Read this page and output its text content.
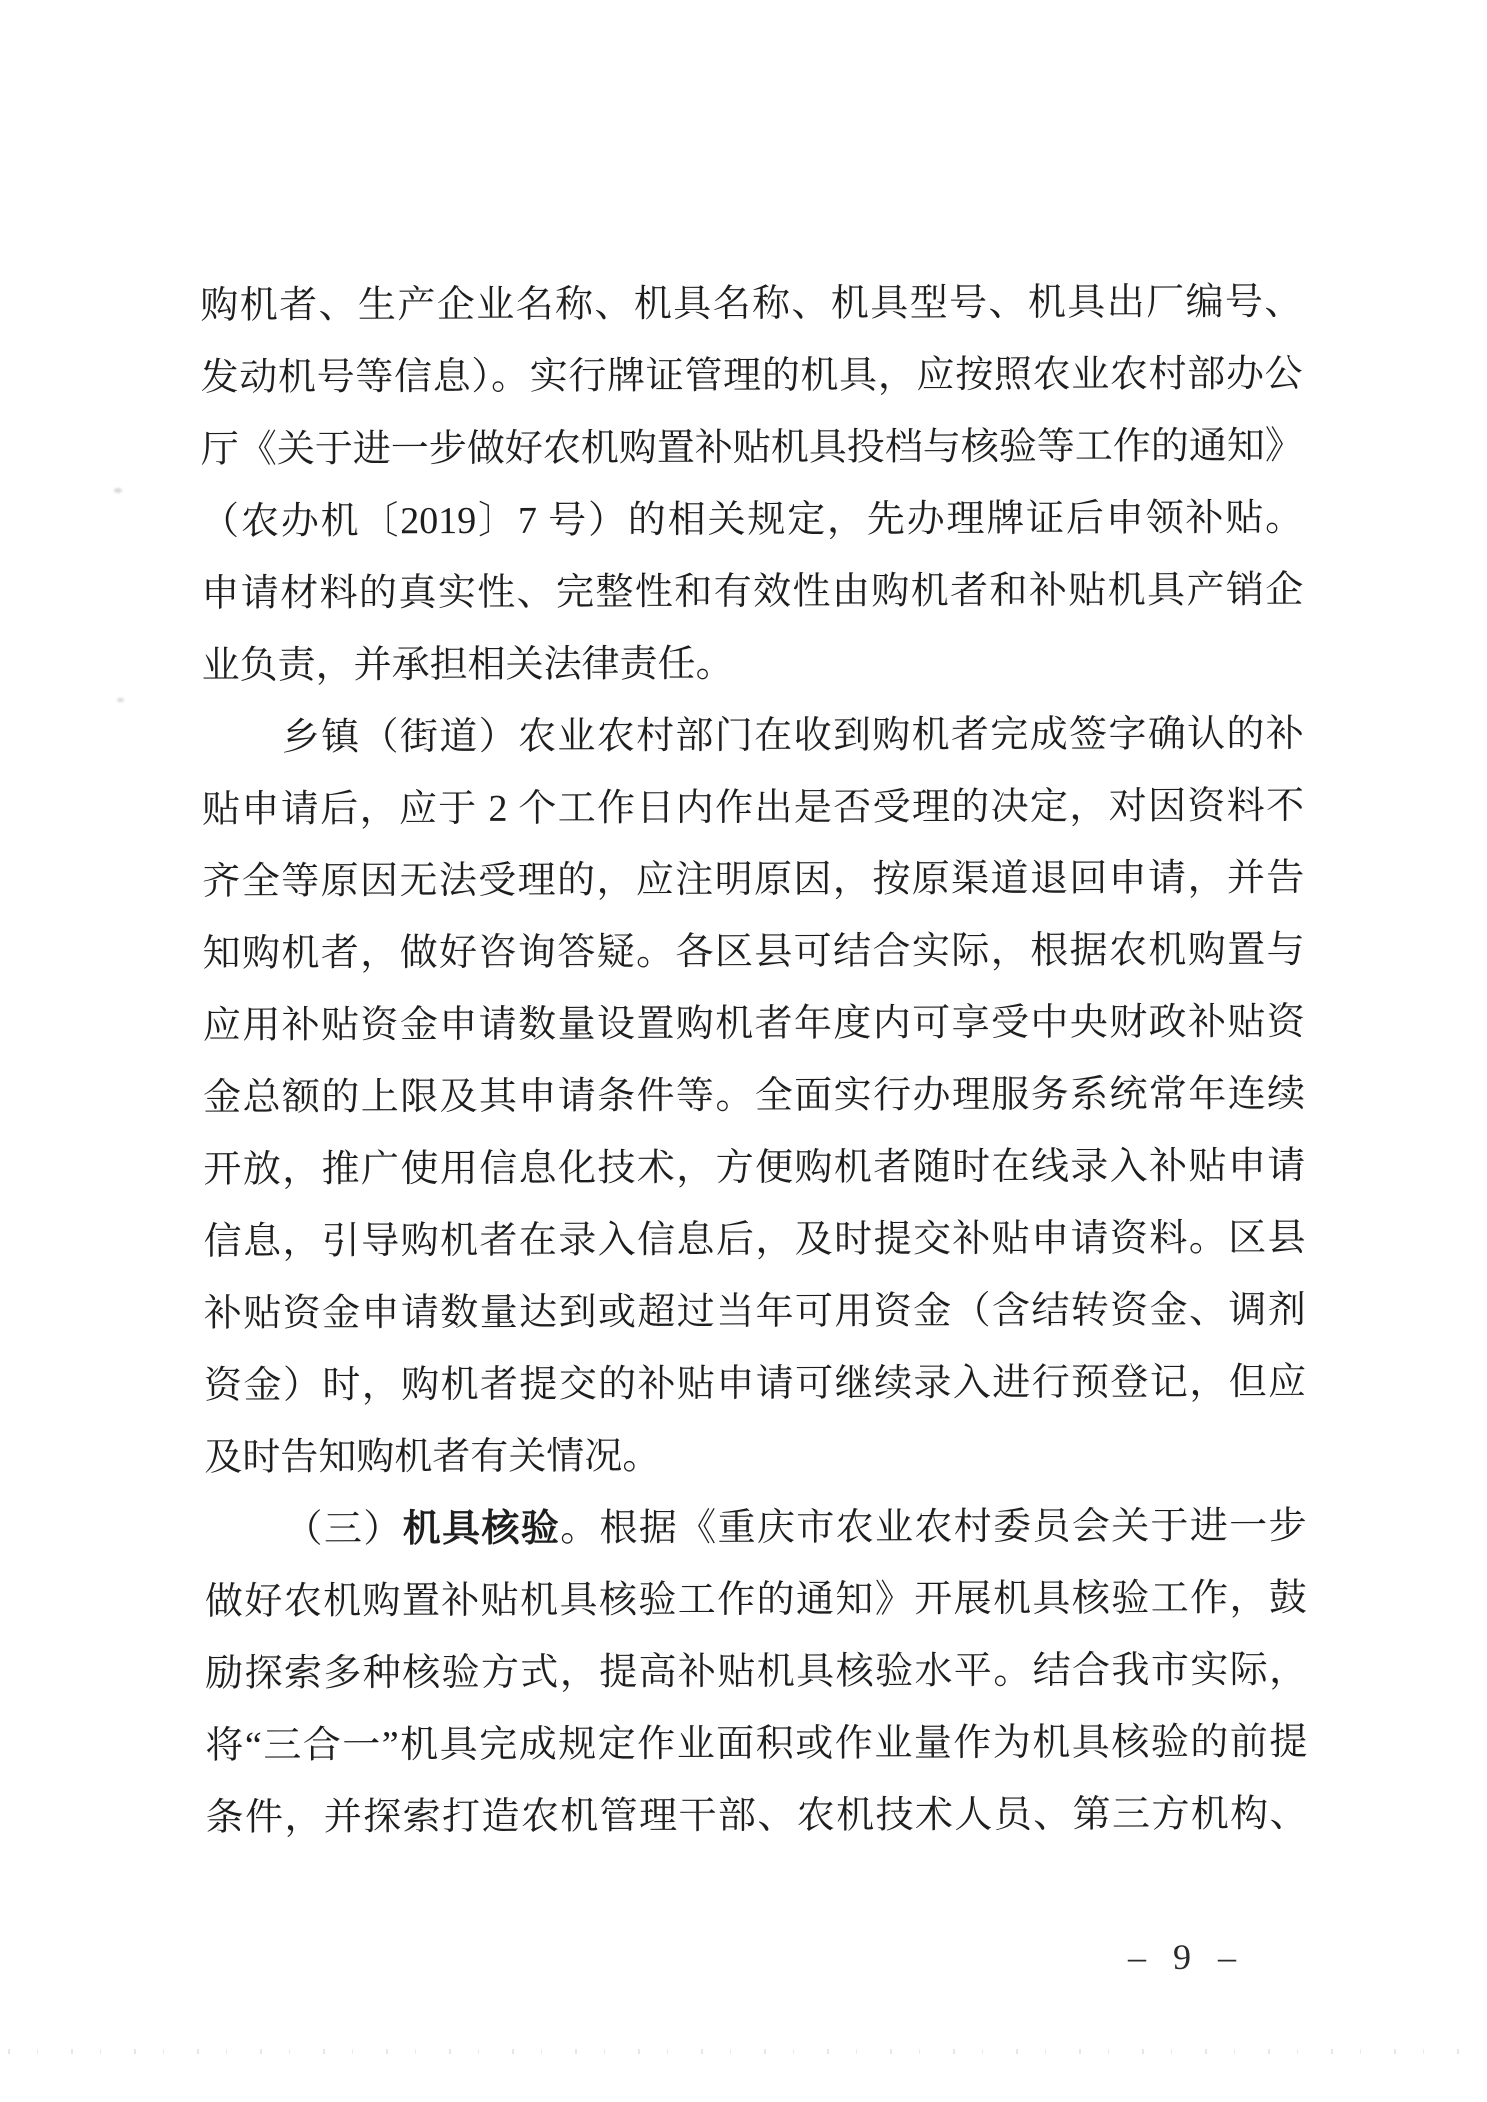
购机者、生产企业名称、机具名称、机具型号、机具出厂编号、
发动机号等信息）。实行牌证管理的机具，应按照农业农村部办公
厅《关于进一步做好农机购置补贴机具投档与核验等工作的通知》
（农办机〔2019〕7 号）的相关规定，先办理牌证后申领补贴。
申请材料的真实性、完整性和有效性由购机者和补贴机具产销企
业负责，并承担相关法律责任。
乡镇（街道）农业农村部门在收到购机者完成签字确认的补
贴申请后，应于 2 个工作日内作出是否受理的决定，对因资料不
齐全等原因无法受理的，应注明原因，按原渠道退回申请，并告
知购机者，做好咨询答疑。各区县可结合实际，根据农机购置与
应用补贴资金申请数量设置购机者年度内可享受中央财政补贴资
金总额的上限及其申请条件等。全面实行办理服务系统常年连续
开放，推广使用信息化技术，方便购机者随时在线录入补贴申请
信息，引导购机者在录入信息后，及时提交补贴申请资料。区县
补贴资金申请数量达到或超过当年可用资金（含结转资金、调剂
资金）时，购机者提交的补贴申请可继续录入进行预登记，但应
及时告知购机者有关情况。
（三）机具核验。根据《重庆市农业农村委员会关于进一步
做好农机购置补贴机具核验工作的通知》开展机具核验工作，鼓
励探索多种核验方式，提高补贴机具核验水平。结合我市实际，
将“三合一”机具完成规定作业面积或作业量作为机具核验的前提
条件，并探索打造农机管理干部、农机技术人员、第三方机构、
– 9 –
